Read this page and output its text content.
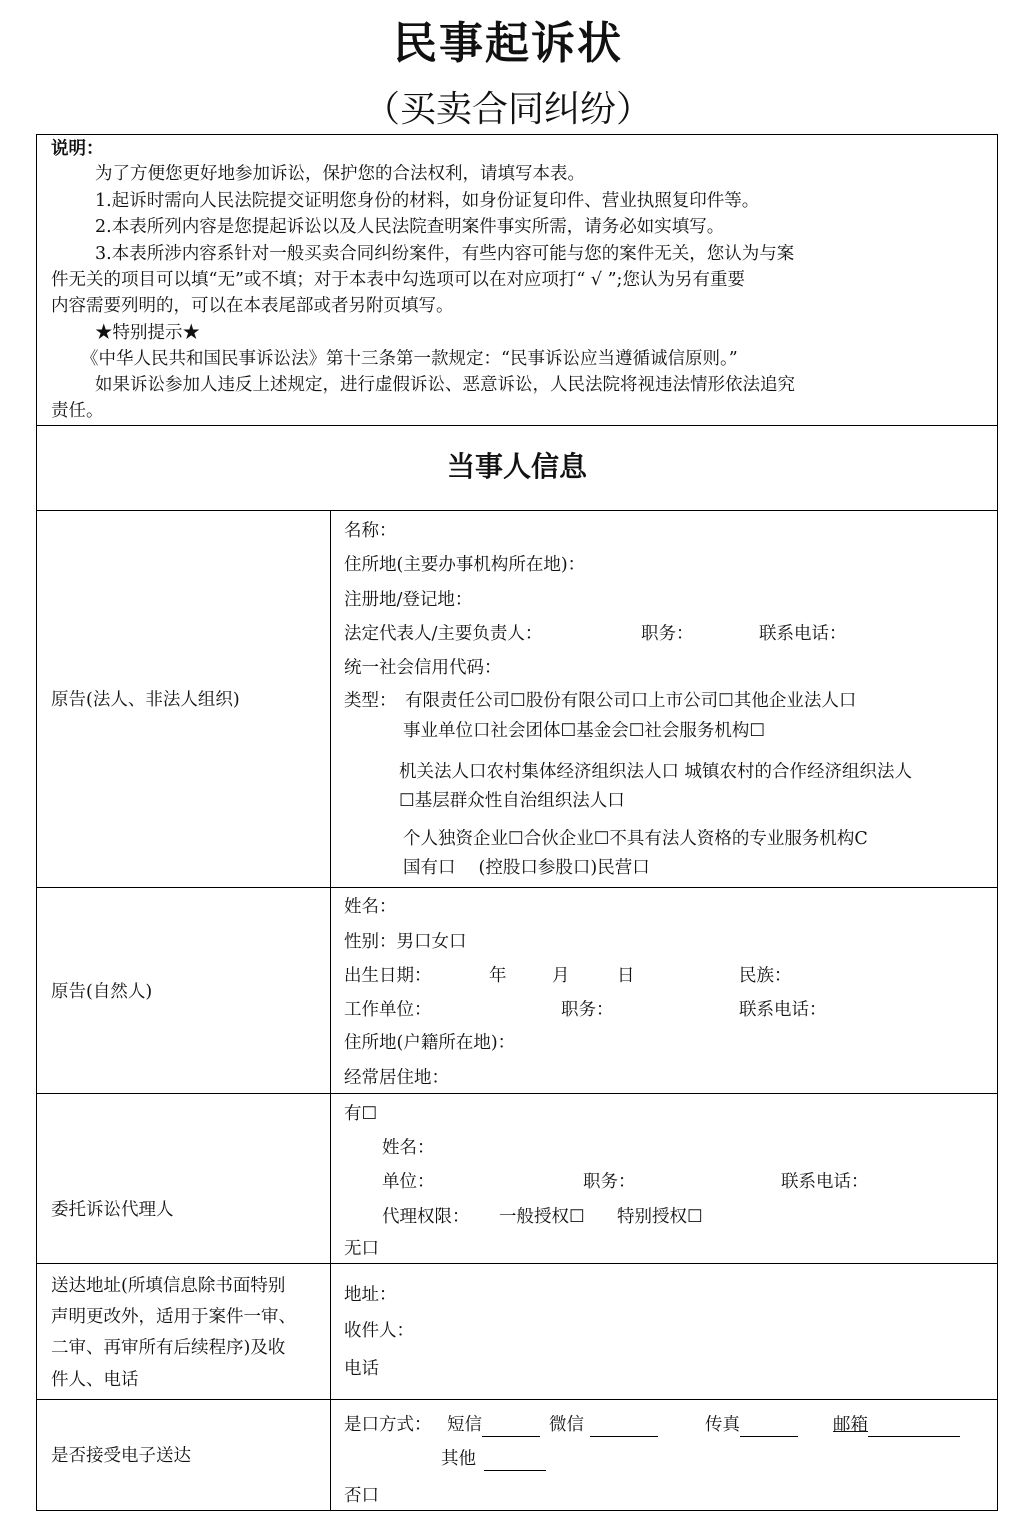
民事起诉状
（买卖合同纠纷）
说明：
为了方便您更好地参加诉讼，保护您的合法权利，请填写本表。
1.起诉时需向人民法院提交证明您身份的材料，如身份证复印件、营业执照复印件等。
2.本表所列内容是您提起诉讼以及人民法院查明案件事实所需，请务必如实填写。
3.本表所涉内容系针对一般买卖合同纠纷案件，有些内容可能与您的案件无关，您认为与案
件无关的项目可以填“无”或不填；对于本表中勾选项可以在对应项打“ √ ”;您认为另有重要
内容需要列明的，可以在本表尾部或者另附页填写。
★特别提示★
《中华人民共和国民事诉讼法》第十三条第一款规定：“民事诉讼应当遵循诚信原则。”
如果诉讼参加人违反上述规定，进行虚假诉讼、恶意诉讼，人民法院将视违法情形依法追究
责任。
当事人信息
原告(法人、非法人组织)
名称：
住所地(主要办事机构所在地)：
注册地/登记地：
法定代表人/主要负责人：	职务：	联系电话：
统一社会信用代码：
类型： 有限责任公司☐股份有限公司口上市公司☐其他企业法人口
事业单位口社会团体☐基金会☐社会服务机构☐
机关法人口农村集体经济组织法人口 城镇农村的合作经济组织法人
☐基层群众性自治组织法人口
个人独资企业☐合伙企业☐不具有法人资格的专业服务机构C
国有口　 (控股口参股口)民营口
原告(自然人)
姓名：
性别：男口女口
出生日期：	年	月	日	民族：
工作单位：	职务：	联系电话：
住所地(户籍所在地)：
经常居住地：
委托诉讼代理人
有☐
姓名：
单位：	职务：	联系电话：
代理权限： 一般授权☐ 特别授权☐
无口
送达地址(所填信息除书面特别
声明更改外，适用于案件一审、
二审、再审所有后续程序)及收
件人、电话
地址：
收件人：
电话
是否接受电子送达
是口方式： 短信	微信	传真	邮箱
其他
否口
